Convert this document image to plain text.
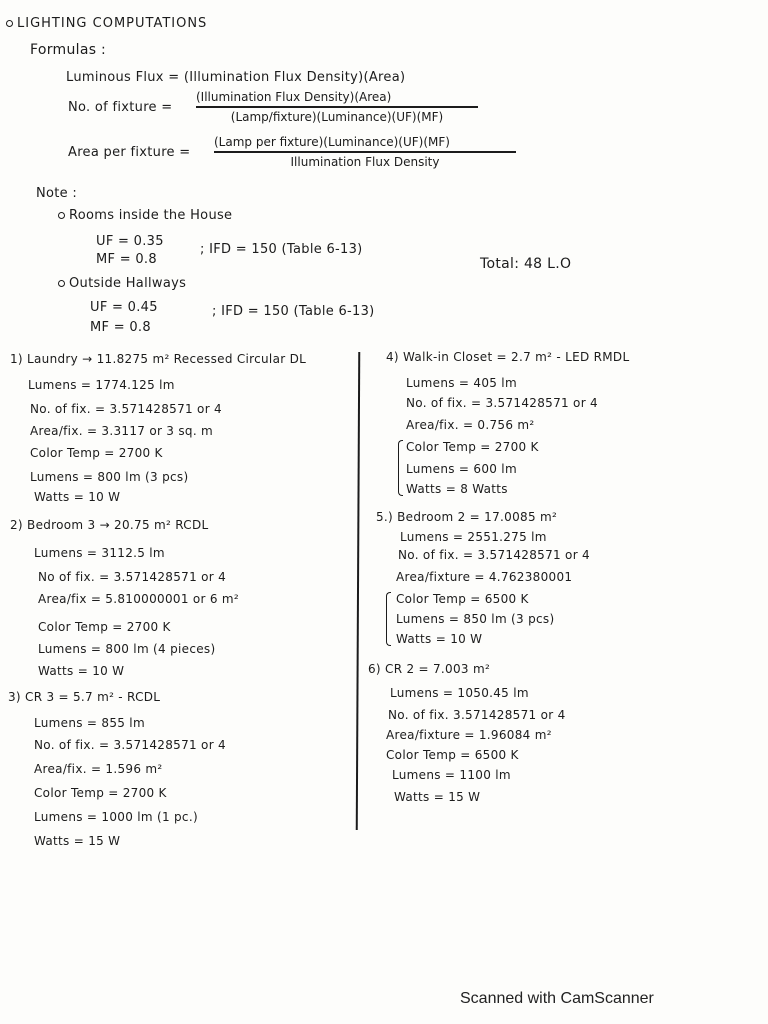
LIGHTING COMPUTATIONS
Formulas :
Luminous Flux = (Illumination Flux Density)(Area)
No. of fixture =
(Illumination Flux Density)(Area)
(Lamp/fixture)(Luminance)(UF)(MF)
Area per fixture =
(Lamp per fixture)(Luminance)(UF)(MF)
Illumination Flux Density
Note :
Rooms inside the House
UF = 0.35
MF = 0.8
; IFD = 150 (Table 6-13)
Total: 48 L.O
Outside Hallways
UF = 0.45
MF = 0.8
; IFD = 150 (Table 6-13)
1) Laundry → 11.8275 m² Recessed Circular DL
Lumens = 1774.125 lm
No. of fix. = 3.571428571 or 4
Area/fix. = 3.3117 or 3 sq. m
Color Temp = 2700 K
Lumens = 800 lm (3 pcs)
Watts = 10 W
2) Bedroom 3 → 20.75 m² RCDL
Lumens = 3112.5 lm
No of fix. = 3.571428571 or 4
Area/fix = 5.810000001 or 6 m²
Color Temp = 2700 K
Lumens = 800 lm (4 pieces)
Watts = 10 W
3) CR 3 = 5.7 m² - RCDL
Lumens = 855 lm
No. of fix. = 3.571428571 or 4
Area/fix. = 1.596 m²
Color Temp = 2700 K
Lumens = 1000 lm (1 pc.)
Watts = 15 W
4) Walk-in Closet = 2.7 m² - LED RMDL
Lumens = 405 lm
No. of fix. = 3.571428571 or 4
Area/fix. = 0.756 m²
Color Temp = 2700 K
Lumens = 600 lm
Watts = 8 Watts
5.) Bedroom 2 = 17.0085 m²
Lumens = 2551.275 lm
No. of fix. = 3.571428571 or 4
Area/fixture = 4.762380001
Color Temp = 6500 K
Lumens = 850 lm (3 pcs)
Watts = 10 W
6) CR 2 = 7.003 m²
Lumens = 1050.45 lm
No. of fix. 3.571428571 or 4
Area/fixture = 1.96084 m²
Color Temp = 6500 K
Lumens = 1100 lm
Watts = 15 W
Scanned with CamScanner
